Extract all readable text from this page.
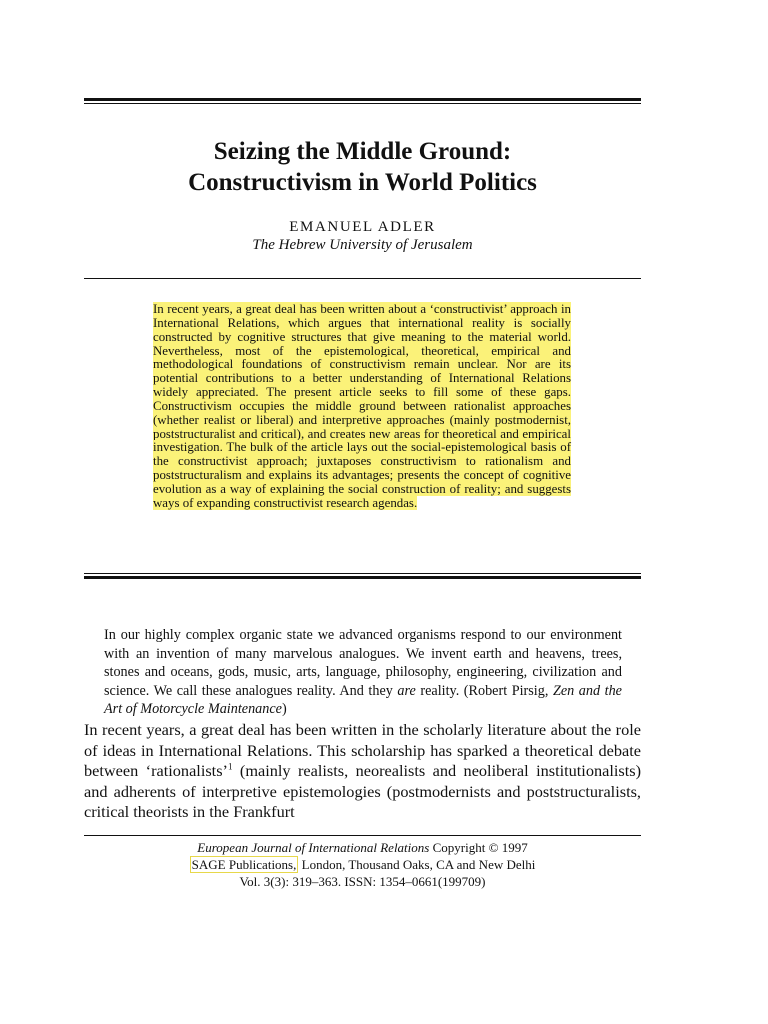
Seizing the Middle Ground:
Constructivism in World Politics
EMANUEL ADLER
The Hebrew University of Jerusalem
In recent years, a great deal has been written about a ‘constructivist’ approach in International Relations, which argues that international reality is socially constructed by cognitive structures that give meaning to the material world. Nevertheless, most of the epistemological, theoretical, empirical and methodological foundations of constructivism remain unclear. Nor are its potential contributions to a better understanding of International Relations widely appreciated. The present article seeks to fill some of these gaps. Constructivism occupies the middle ground between rationalist approaches (whether realist or liberal) and interpretive approaches (mainly postmodernist, poststructuralist and critical), and creates new areas for theoretical and empirical investigation. The bulk of the article lays out the social-epistemological basis of the constructivist approach; juxtaposes constructivism to rationalism and poststructuralism and explains its advantages; presents the concept of cognitive evolution as a way of explaining the social construction of reality; and suggests ways of expanding constructivist research agendas.
In our highly complex organic state we advanced organisms respond to our environment with an invention of many marvelous analogues. We invent earth and heavens, trees, stones and oceans, gods, music, arts, language, philosophy, engineering, civilization and science. We call these analogues reality. And they are reality. (Robert Pirsig, Zen and the Art of Motorcycle Maintenance)
In recent years, a great deal has been written in the scholarly literature about the role of ideas in International Relations. This scholarship has sparked a theoretical debate between ‘rationalists’$^1$ (mainly realists, neorealists and neoliberal institutionalists) and adherents of interpretive epistemologies (postmodernists and poststructuralists, critical theorists in the Frankfurt
European Journal of International Relations Copyright © 1997
SAGE Publications, London, Thousand Oaks, CA and New Delhi
Vol. 3(3): 319–363. ISSN: 1354–0661(199709)
